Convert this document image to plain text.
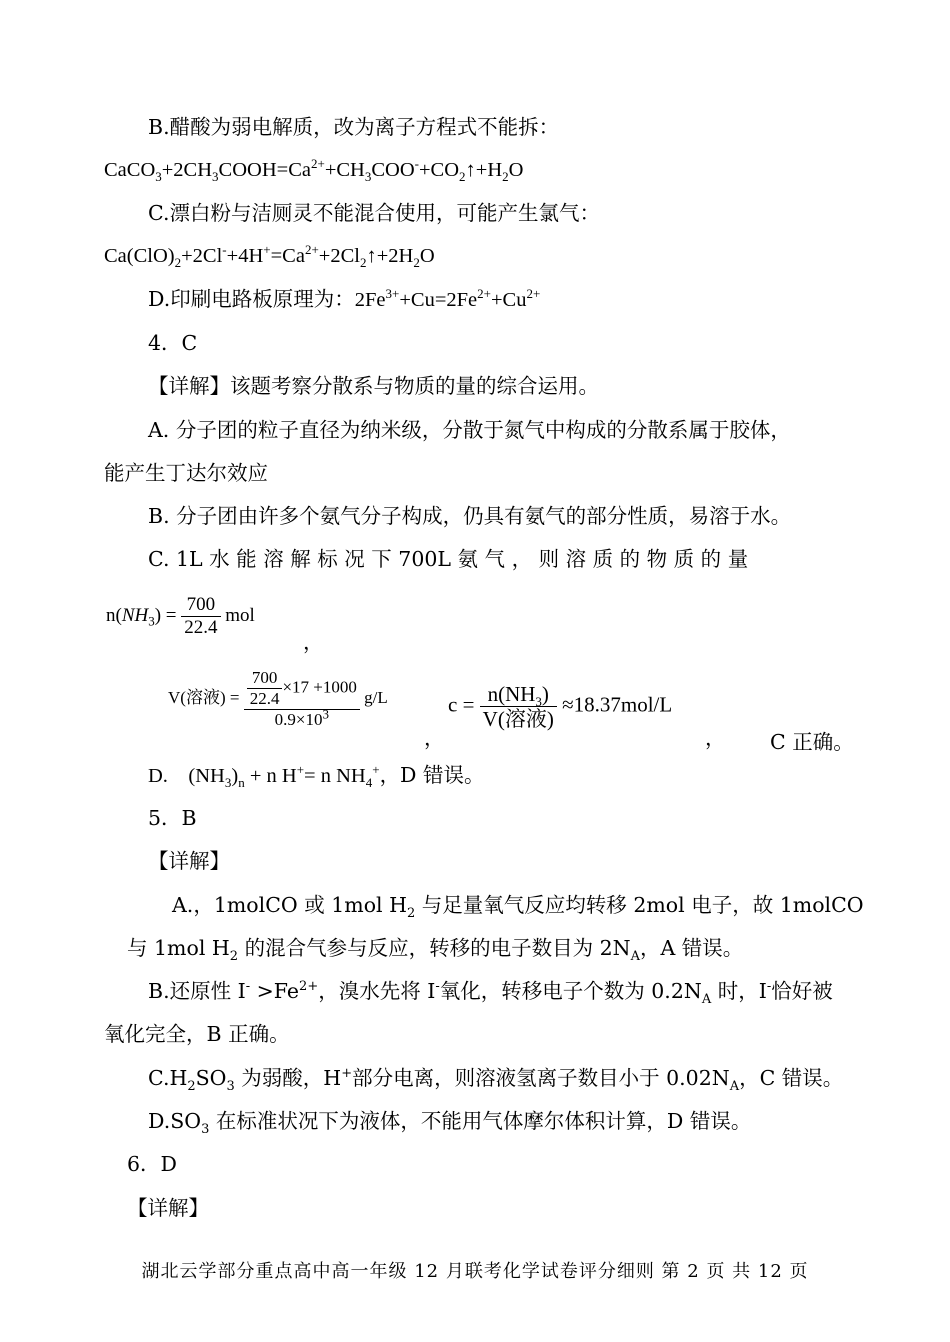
B.醋酸为弱电解质，改为离子方程式不能拆：
$CaCO_3+2CH_3COOH=Ca^{2+}+CH_3COO^-+CO_2↑+H_2O$
C.漂白粉与洁厕灵不能混合使用，可能产生氯气：
$Ca(ClO)_2+2Cl^-+4H^+=Ca^{2+}+2Cl_2↑+2H_2O$
D.印刷电路板原理为：$2Fe^{3+}+Cu=2Fe^{2+}+Cu^{2+}$
4．C
【详解】该题考察分散系与物质的量的综合运用。
A. 分子团的粒子直径为纳米级，分散于氮气中构成的分散系属于胶体，
能产生丁达尔效应
B. 分子团由许多个氨气分子构成，仍具有氨气的部分性质，易溶于水。
C. 1L 水 能 溶 解 标 况 下 700L 氨 气 ， 则 溶 质 的 物 质 的 量
$n(NH_3) = \frac{700}{22.4}$ mol
，
V(溶液) = $\frac{\frac{700}{22.4} \times 17 +1000}{0.9\times 10^3} g/L$
，
$c = \frac{n(NH_3)}{\text{V(溶液)}} \approx 18.37mol/L$
， C 正确。
D.    $(NH_3)_n + n$ H+= n $NH_4^+$，D 错误。
5．B
【详解】
A.，1molCO 或 1mol $H_2$ 与足量氧气反应均转移 2mol 电子，故 1molCO
与 1mol $H_2$ 的混合气参与反应，转移的电子数目为 $2N_A$，A 错误。
B.还原性 $I^- >Fe^{2+}$，溴水先将 I-氧化，转移电子个数为 $0.2N_A$ 时，I-恰好被
氧化完全，B 正确。
$C.H_2SO_3$ 为弱酸，H+部分电离，则溶液氢离子数目小于 $0.02N_A$，C 错误。
$D.SO_3$ 在标准状况下为液体，不能用气体摩尔体积计算，D 错误。
6．D
【详解】
湖北云学部分重点高中高一年级 12 月联考化学试卷评分细则 第 2 页 共 12 页
